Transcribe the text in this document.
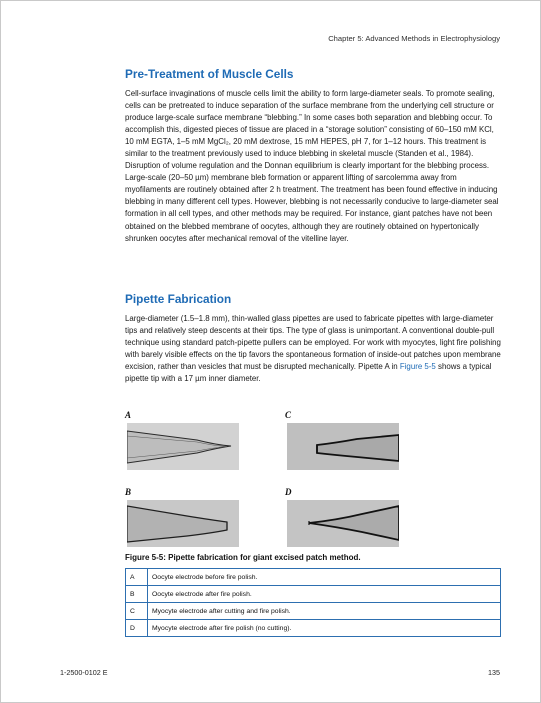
Chapter 5: Advanced Methods in Electrophysiology
Pre-Treatment of Muscle Cells

Cell-surface invaginations of muscle cells limit the ability to form large-diameter seals. To promote sealing, cells can be pretreated to induce separation of the surface membrane from the underlying cell structure or produce large-scale surface membrane “blebbing.” In some cases both separation and blebbing occur. To accomplish this, digested pieces of tissue are placed in a “storage solution” consisting of 60–150 mM KCl, 10 mM EGTA, 1–5 mM MgCl₂, 20 mM dextrose, 15 mM HEPES, pH 7, for 1–12 hours. This treatment is similar to the treatment previously used to induce blebbing in skeletal muscle (Standen et al., 1984). Disruption of volume regulation and the Donnan equilibrium is clearly important for the blebbing process. Large-scale (20–50 µm) membrane bleb formation or apparent lifting of sarcolemma away from myofilaments are routinely obtained after 2 h treatment. The treatment has been found effective in inducing blebbing in many different cell types. However, blebbing is not necessarily conducive to large-diameter seal formation in all cell types, and other methods may be required. For instance, giant patches have not been obtained on the blebbed membrane of oocytes, although they are routinely obtained on hypertonically shrunken oocytes after mechanical removal of the vitelline layer.

Pipette Fabrication

Large-diameter (1.5–1.8 mm), thin-walled glass pipettes are used to fabricate pipettes with large-diameter tips and relatively steep descents at their tips. The type of glass is unimportant. A conventional double-pull technique using standard patch-pipette pullers can be employed. For work with myocytes, light fire polishing with barely visible effects on the tip favors the spontaneous formation of inside-out patches upon membrane excision, rather than vesicles that must be disrupted mechanically. Pipette A in Figure 5-5 shows a typical pipette tip with a 17 µm inner diameter.

A	C
B	D
Figure 5-5: Pipette fabrication for giant excised patch method.
A	Oocyte electrode before fire polish.
B	Oocyte electrode after fire polish.
C	Myocyte electrode after cutting and fire polish.
D	Myocyte electrode after fire polish (no cutting).
1-2500-0102 E	135
